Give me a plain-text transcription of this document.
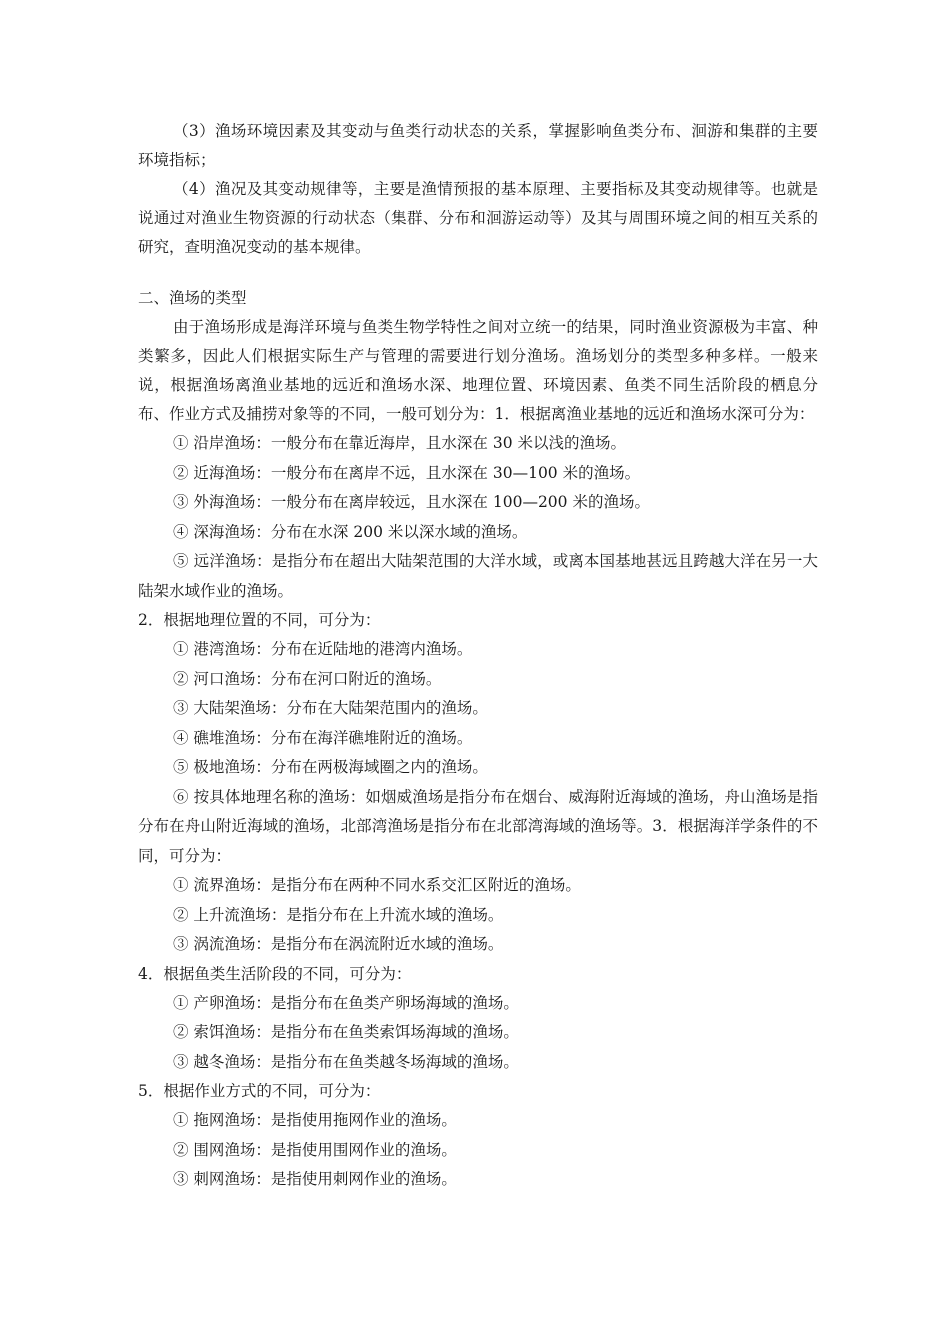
（3）渔场环境因素及其变动与鱼类行动状态的关系，掌握影响鱼类分布、洄游和集群的主要环境指标；

（4）渔况及其变动规律等，主要是渔情预报的基本原理、主要指标及其变动规律等。也就是说通过对渔业生物资源的行动状态（集群、分布和洄游运动等）及其与周围环境之间的相互关系的研究，查明渔况变动的基本规律。

二、渔场的类型

由于渔场形成是海洋环境与鱼类生物学特性之间对立统一的结果，同时渔业资源极为丰富、种类繁多，因此人们根据实际生产与管理的需要进行划分渔场。渔场划分的类型多种多样。一般来说，根据渔场离渔业基地的远近和渔场水深、地理位置、环境因素、鱼类不同生活阶段的栖息分布、作业方式及捕捞对象等的不同，一般可划分为：1．根据离渔业基地的远近和渔场水深可分为：

① 沿岸渔场：一般分布在靠近海岸，且水深在 30 米以浅的渔场。

② 近海渔场：一般分布在离岸不远，且水深在 30—100 米的渔场。

③ 外海渔场：一般分布在离岸较远，且水深在 100—200 米的渔场。

④ 深海渔场：分布在水深 200 米以深水域的渔场。

⑤ 远洋渔场：是指分布在超出大陆架范围的大洋水域，或离本国基地甚远且跨越大洋在另一大陆架水域作业的渔场。

2．根据地理位置的不同，可分为：

① 港湾渔场：分布在近陆地的港湾内渔场。

② 河口渔场：分布在河口附近的渔场。

③ 大陆架渔场：分布在大陆架范围内的渔场。

④ 礁堆渔场：分布在海洋礁堆附近的渔场。

⑤ 极地渔场：分布在两极海域圈之内的渔场。

⑥ 按具体地理名称的渔场：如烟威渔场是指分布在烟台、威海附近海域的渔场，舟山渔场是指分布在舟山附近海域的渔场，北部湾渔场是指分布在北部湾海域的渔场等。3．根据海洋学条件的不同，可分为：

① 流界渔场：是指分布在两种不同水系交汇区附近的渔场。

② 上升流渔场：是指分布在上升流水域的渔场。

③ 涡流渔场：是指分布在涡流附近水域的渔场。

4．根据鱼类生活阶段的不同，可分为：

① 产卵渔场：是指分布在鱼类产卵场海域的渔场。

② 索饵渔场：是指分布在鱼类索饵场海域的渔场。

③ 越冬渔场：是指分布在鱼类越冬场海域的渔场。

5．根据作业方式的不同，可分为：

① 拖网渔场：是指使用拖网作业的渔场。

② 围网渔场：是指使用围网作业的渔场。

③ 刺网渔场：是指使用刺网作业的渔场。
